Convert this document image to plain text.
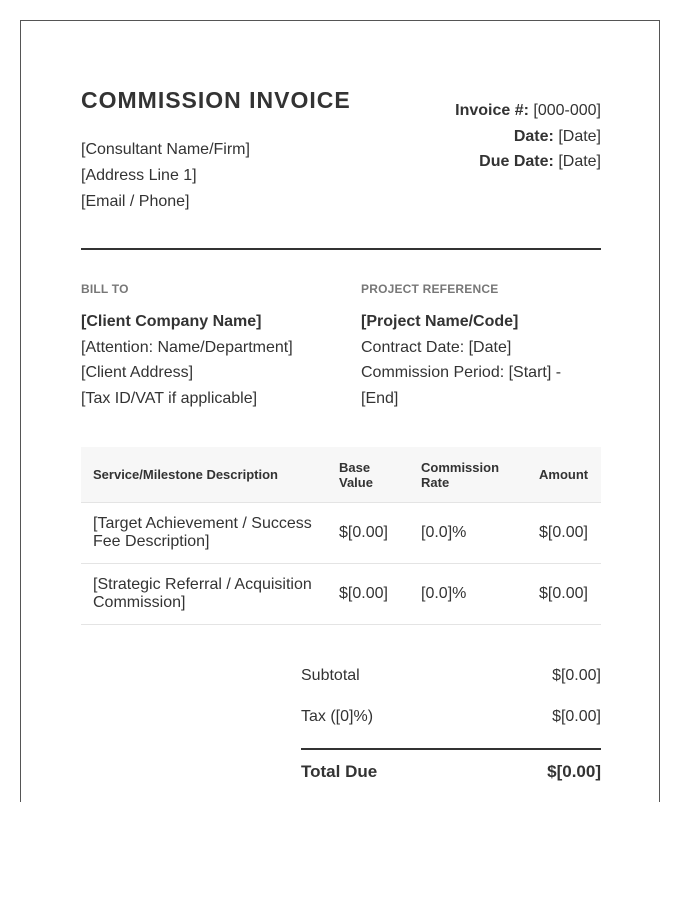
COMMISSION INVOICE
[Consultant Name/Firm]
[Address Line 1]
[Email / Phone]
Invoice #: [000-000]
Date: [Date]
Due Date: [Date]
BILL TO
[Client Company Name]
[Attention: Name/Department]
[Client Address]
[Tax ID/VAT if applicable]
PROJECT REFERENCE
[Project Name/Code]
Contract Date: [Date]
Commission Period: [Start] - [End]
Service/Milestone Description	Base Value	Commission Rate	Amount
[Target Achievement / Success Fee Description]	$[0.00]	[0.0]%	$[0.00]
[Strategic Referral / Acquisition Commission]	$[0.00]	[0.0]%	$[0.00]
Subtotal	$[0.00]
Tax ([0]%)	$[0.00]
Total Due	$[0.00]
